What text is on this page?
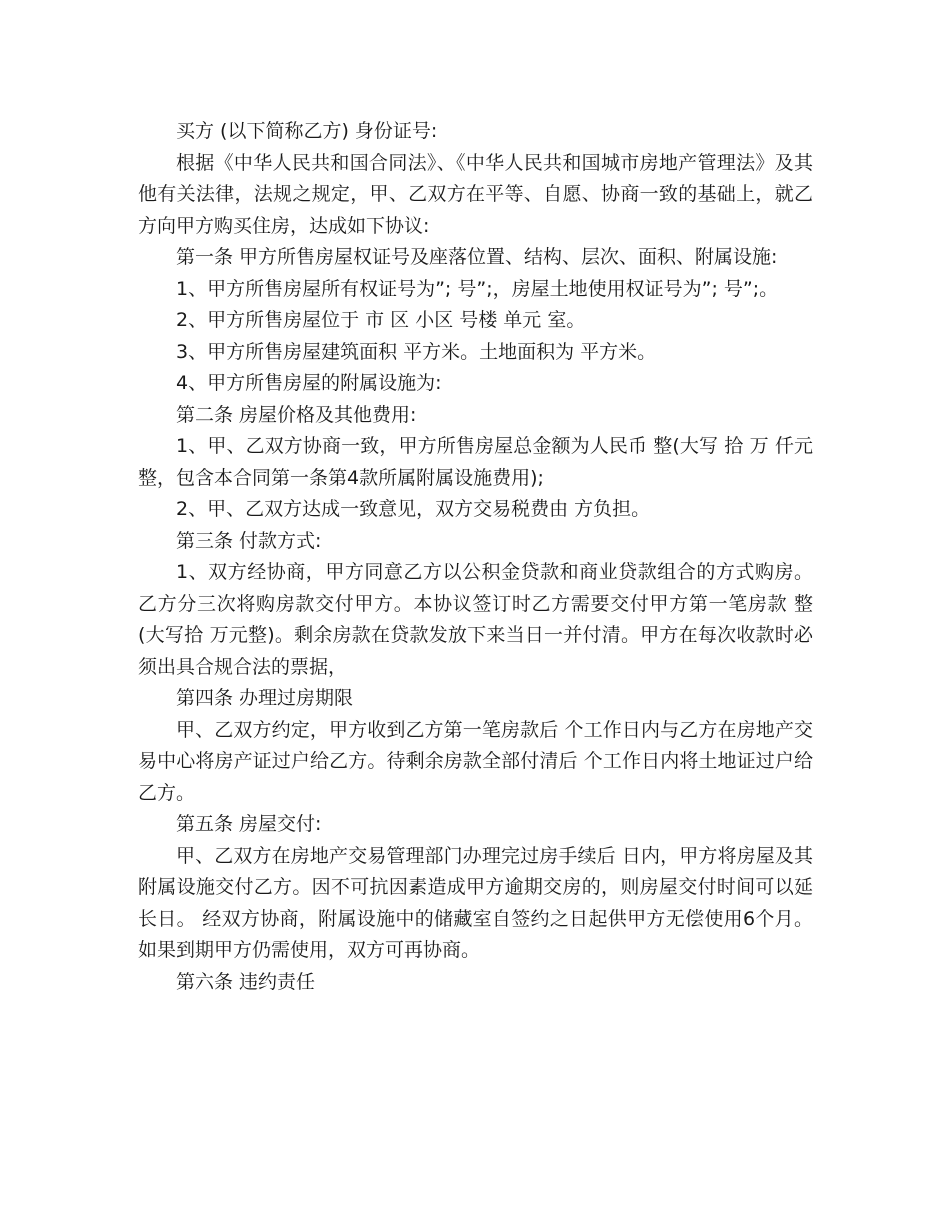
买方 (以下简称乙方) 身份证号:

根据《中华人民共和国合同法》、《中华人民共和国城市房地产管理法》及其他有关法律，法规之规定，甲、乙双方在平等、自愿、协商一致的基础上，就乙方向甲方购买住房，达成如下协议:

第一条 甲方所售房屋权证号及座落位置、结构、层次、面积、附属设施:

1、甲方所售房屋所有权证号为”; 号”;，房屋土地使用权证号为”; 号”;。

2、甲方所售房屋位于 市 区 小区 号楼 单元 室。

3、甲方所售房屋建筑面积 平方米。土地面积为 平方米。

4、甲方所售房屋的附属设施为:

第二条 房屋价格及其他费用:

1、甲、乙双方协商一致，甲方所售房屋总金额为人民币 整(大写 拾 万 仟元整，包含本合同第一条第4款所属附属设施费用);

2、甲、乙双方达成一致意见，双方交易税费由 方负担。

第三条 付款方式:

1、双方经协商，甲方同意乙方以公积金贷款和商业贷款组合的方式购房。乙方分三次将购房款交付甲方。本协议签订时乙方需要交付甲方第一笔房款 整(大写拾 万元整)。剩余房款在贷款发放下来当日一并付清。甲方在每次收款时必须出具合规合法的票据，

第四条 办理过房期限

甲、乙双方约定，甲方收到乙方第一笔房款后 个工作日内与乙方在房地产交易中心将房产证过户给乙方。待剩余房款全部付清后 个工作日内将土地证过户给乙方。

第五条 房屋交付:

甲、乙双方在房地产交易管理部门办理完过房手续后 日内，甲方将房屋及其附属设施交付乙方。因不可抗因素造成甲方逾期交房的，则房屋交付时间可以延长日。 经双方协商，附属设施中的储藏室自签约之日起供甲方无偿使用6个月。如果到期甲方仍需使用，双方可再协商。

第六条 违约责任
